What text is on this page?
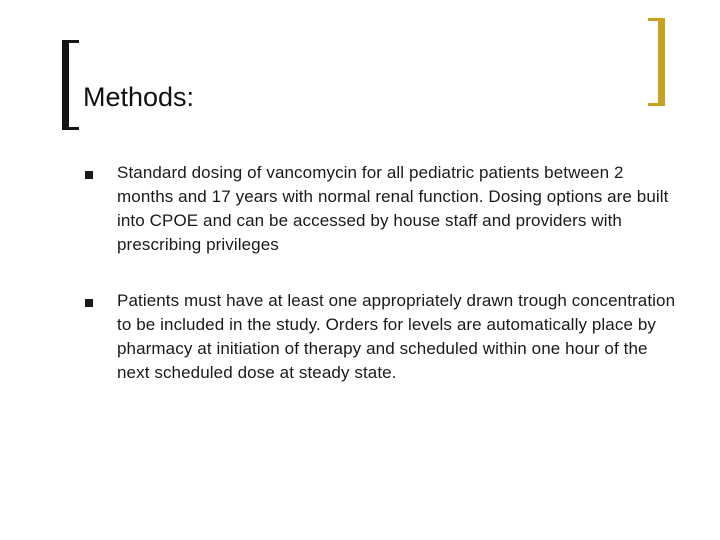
Methods:
Standard dosing of vancomycin for all pediatric patients between 2 months and 17 years with normal renal function. Dosing options are built into CPOE and can be accessed by house staff and providers with prescribing privileges
Patients must have at least one appropriately drawn trough concentration to be included in the study. Orders for levels are automatically place by pharmacy at initiation of therapy and scheduled within one hour of the next scheduled dose at steady state.
